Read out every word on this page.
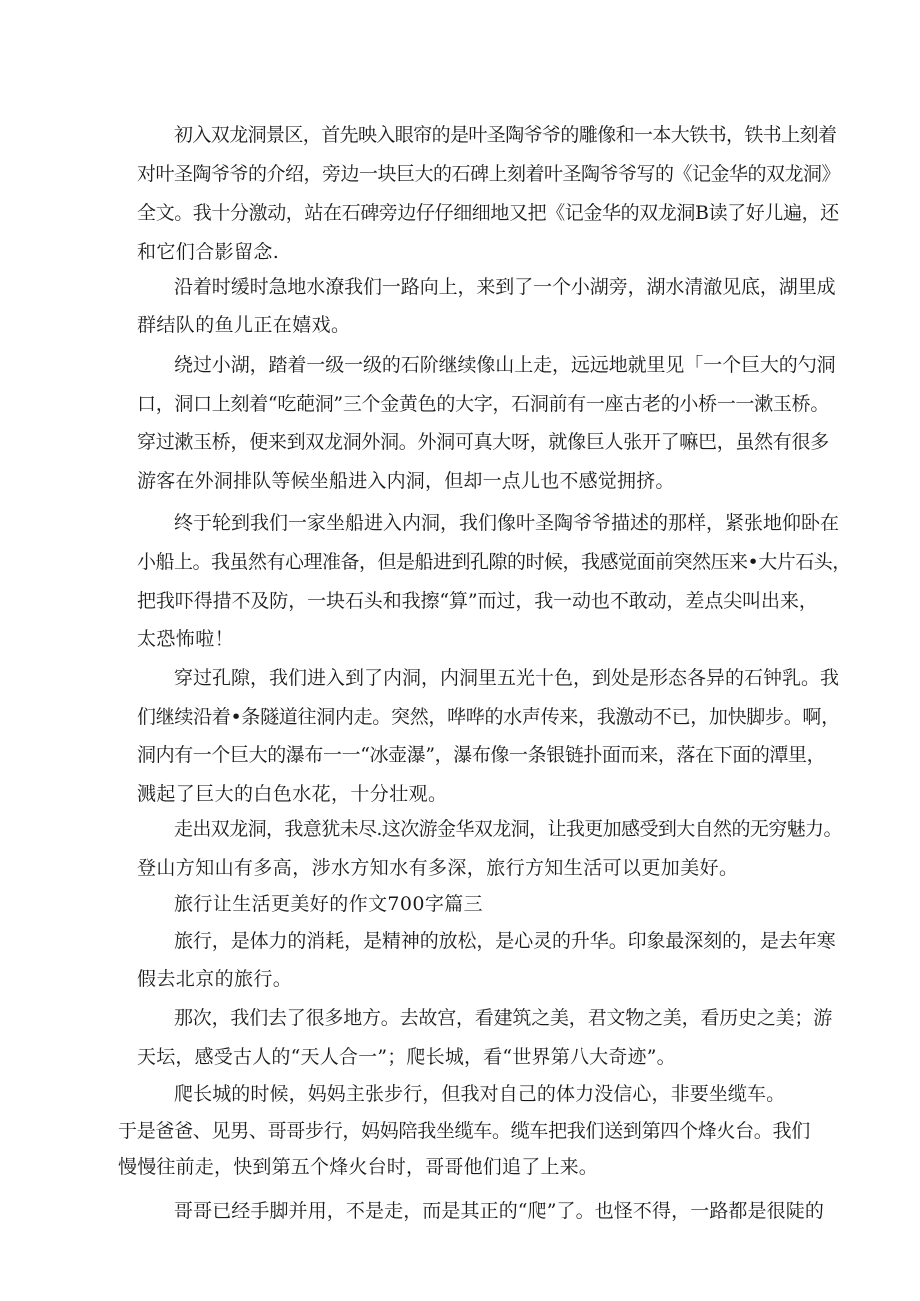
初入双龙洞景区，首先映入眼帘的是叶圣陶爷爷的雕像和一本大铁书，铁书上刻着
对叶圣陶爷爷的介绍，旁边一块巨大的石碑上刻着叶圣陶爷爷写的《记金华的双龙洞》
全文。我十分激动，站在石碑旁边仔仔细细地又把《记金华的双龙洞B读了好儿遍，还
和它们合影留念.
沿着时缓时急地水潦我们一路向上，来到了一个小湖旁，湖水清澈见底，湖里成
群结队的鱼儿正在嬉戏。
绕过小湖，踏着一级一级的石阶继续像山上走，远远地就里见「一个巨大的勺洞
口，洞口上刻着“吃葩洞”三个金黄色的大字，石洞前有一座古老的小桥一一漱玉桥。
穿过漱玉桥，便来到双龙洞外洞。外洞可真大呀，就像巨人张开了嘛巴，虽然有很多
游客在外洞排队等候坐船进入内洞，但却一点儿也不感觉拥挤。
终于轮到我们一家坐船进入内洞，我们像叶圣陶爷爷描述的那样，紧张地仰卧在
小船上。我虽然有心理准备，但是船进到孔隙的时候，我感觉面前突然压来•大片石头，
把我吓得措不及防，一块石头和我擦“算”而过，我一动也不敢动，差点尖叫出来，
太恐怖啦！
穿过孔隙，我们进入到了内洞，内洞里五光十色，到处是形态各异的石钟乳。我
们继续沿着•条隧道往洞内走。突然，哗哗的水声传来，我激动不已，加快脚步。啊，
洞内有一个巨大的瀑布一一“冰壶瀑”，瀑布像一条银链扑面而来，落在下面的潭里，
溅起了巨大的白色水花，十分壮观。
走出双龙洞，我意犹未尽.这次游金华双龙洞，让我更加感受到大自然的无穷魅力。
登山方知山有多高，涉水方知水有多深，旅行方知生活可以更加美好。
旅行让生活更美好的作文700字篇三
旅行，是体力的消耗，是精神的放松，是心灵的升华。印象最深刻的，是去年寒
假去北京的旅行。
那次，我们去了很多地方。去故宫，看建筑之美，君文物之美，看历史之美；游
天坛，感受古人的“天人合一”；爬长城，看“世界第八大奇迹”。
爬长城的时候，妈妈主张步行，但我对自己的体力没信心，非要坐缆车。
于是爸爸、见男、哥哥步行，妈妈陪我坐缆车。缆车把我们送到第四个烽火台。我们
慢慢往前走，快到第五个烽火台时，哥哥他们追了上来。
哥哥已经手脚并用，不是走，而是其正的“爬”了。也怪不得，一路都是很陡的
